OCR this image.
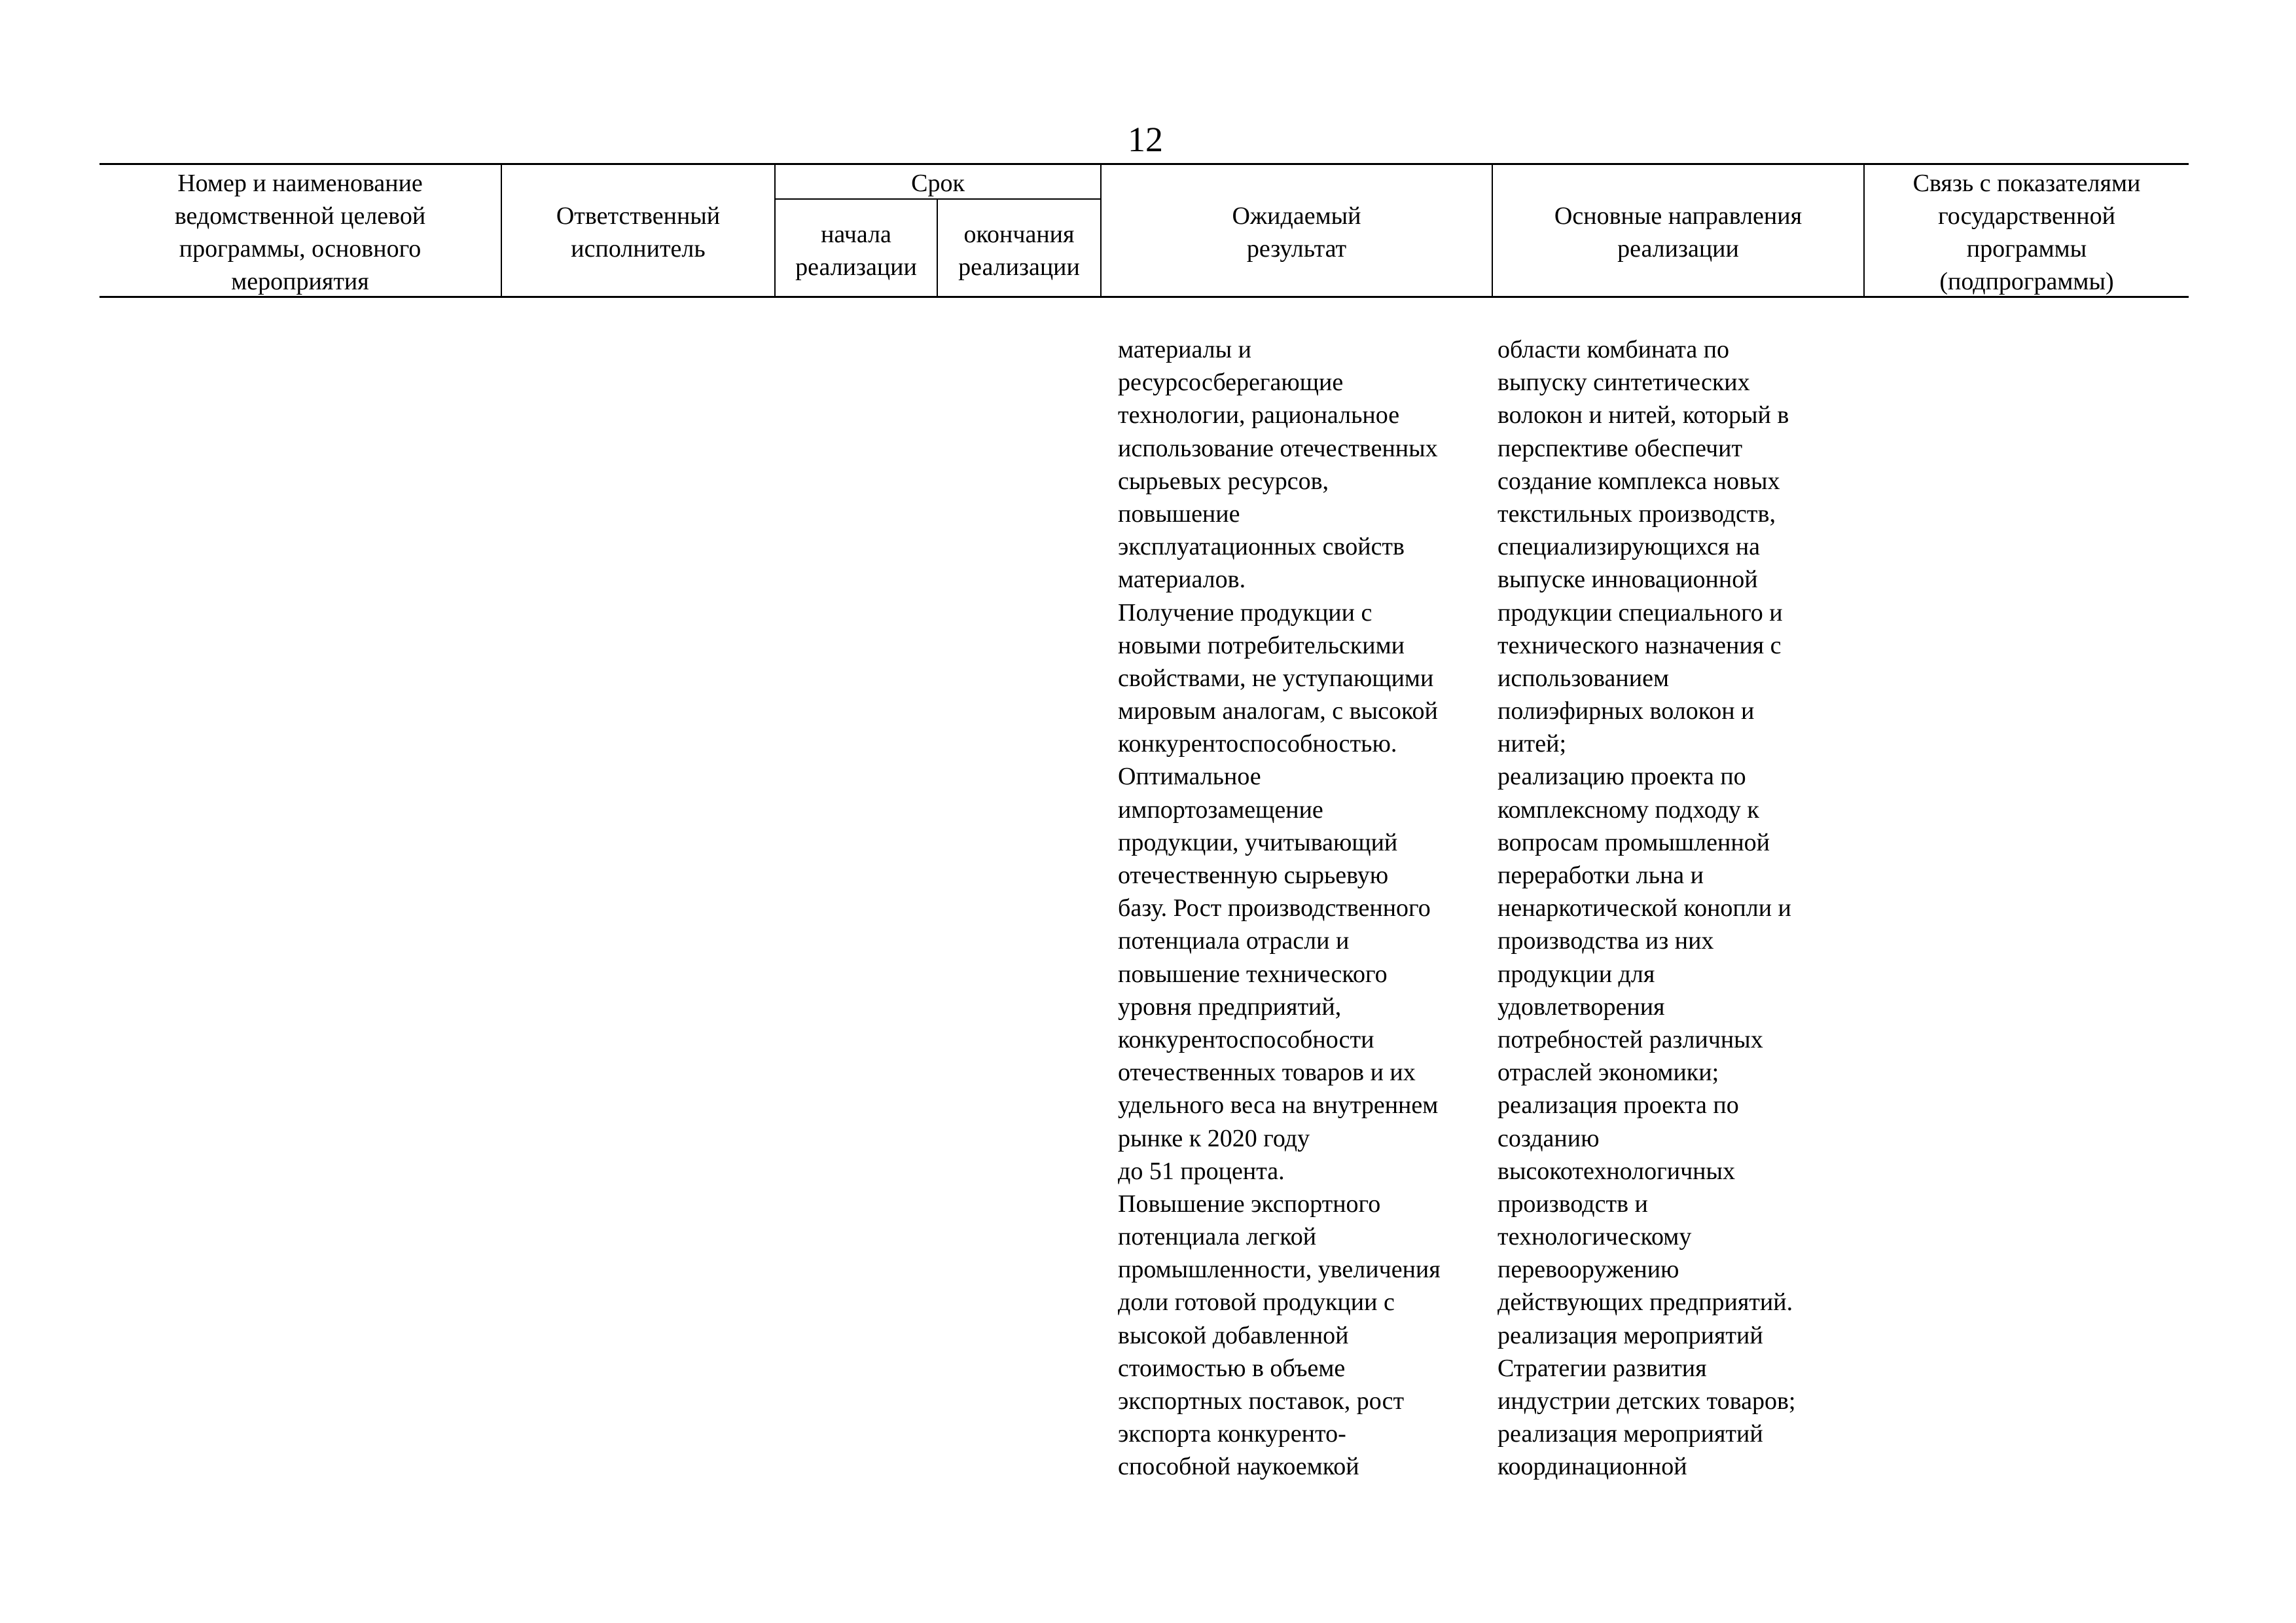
12
Номер и наименование
ведомственной целевой
программы, основного
мероприятия
Ответственный
исполнитель
Срок
начала
реализации
окончания
реализации
Ожидаемый
результат
Основные направления
реализации
Связь с показателями
государственной
программы
(подпрограммы)
материалы и
ресурсосберегающие
технологии, рациональное
использование отечественных
сырьевых ресурсов,
повышение
эксплуатационных свойств
материалов.
Получение продукции с
новыми потребительскими
свойствами, не уступающими
мировым аналогам, с высокой
конкурентоспособностью.
Оптимальное
импортозамещение
продукции, учитывающий
отечественную сырьевую
базу. Рост производственного
потенциала отрасли и
повышение технического
уровня предприятий,
конкурентоспособности
отечественных товаров и их
удельного веса на внутреннем
рынке к 2020 году
до 51 процента.
Повышение экспортного
потенциала легкой
промышленности, увеличения
доли готовой продукции с
высокой добавленной
стоимостью в объеме
экспортных поставок, рост
экспорта конкуренто-
способной наукоемкой
области комбината по
выпуску синтетических
волокон и нитей, который в
перспективе обеспечит
создание комплекса новых
текстильных производств,
специализирующихся на
выпуске инновационной
продукции специального и
технического назначения с
использованием
полиэфирных волокон и
нитей;
реализацию проекта по
комплексному подходу к
вопросам промышленной
переработки льна и
ненаркотической конопли и
производства из них
продукции для
удовлетворения
потребностей различных
отраслей экономики;
реализация проекта по
созданию
высокотехнологичных
производств и
технологическому
перевооружению
действующих предприятий.
реализация мероприятий
Стратегии развития
индустрии детских товаров;
реализация мероприятий
координационной
